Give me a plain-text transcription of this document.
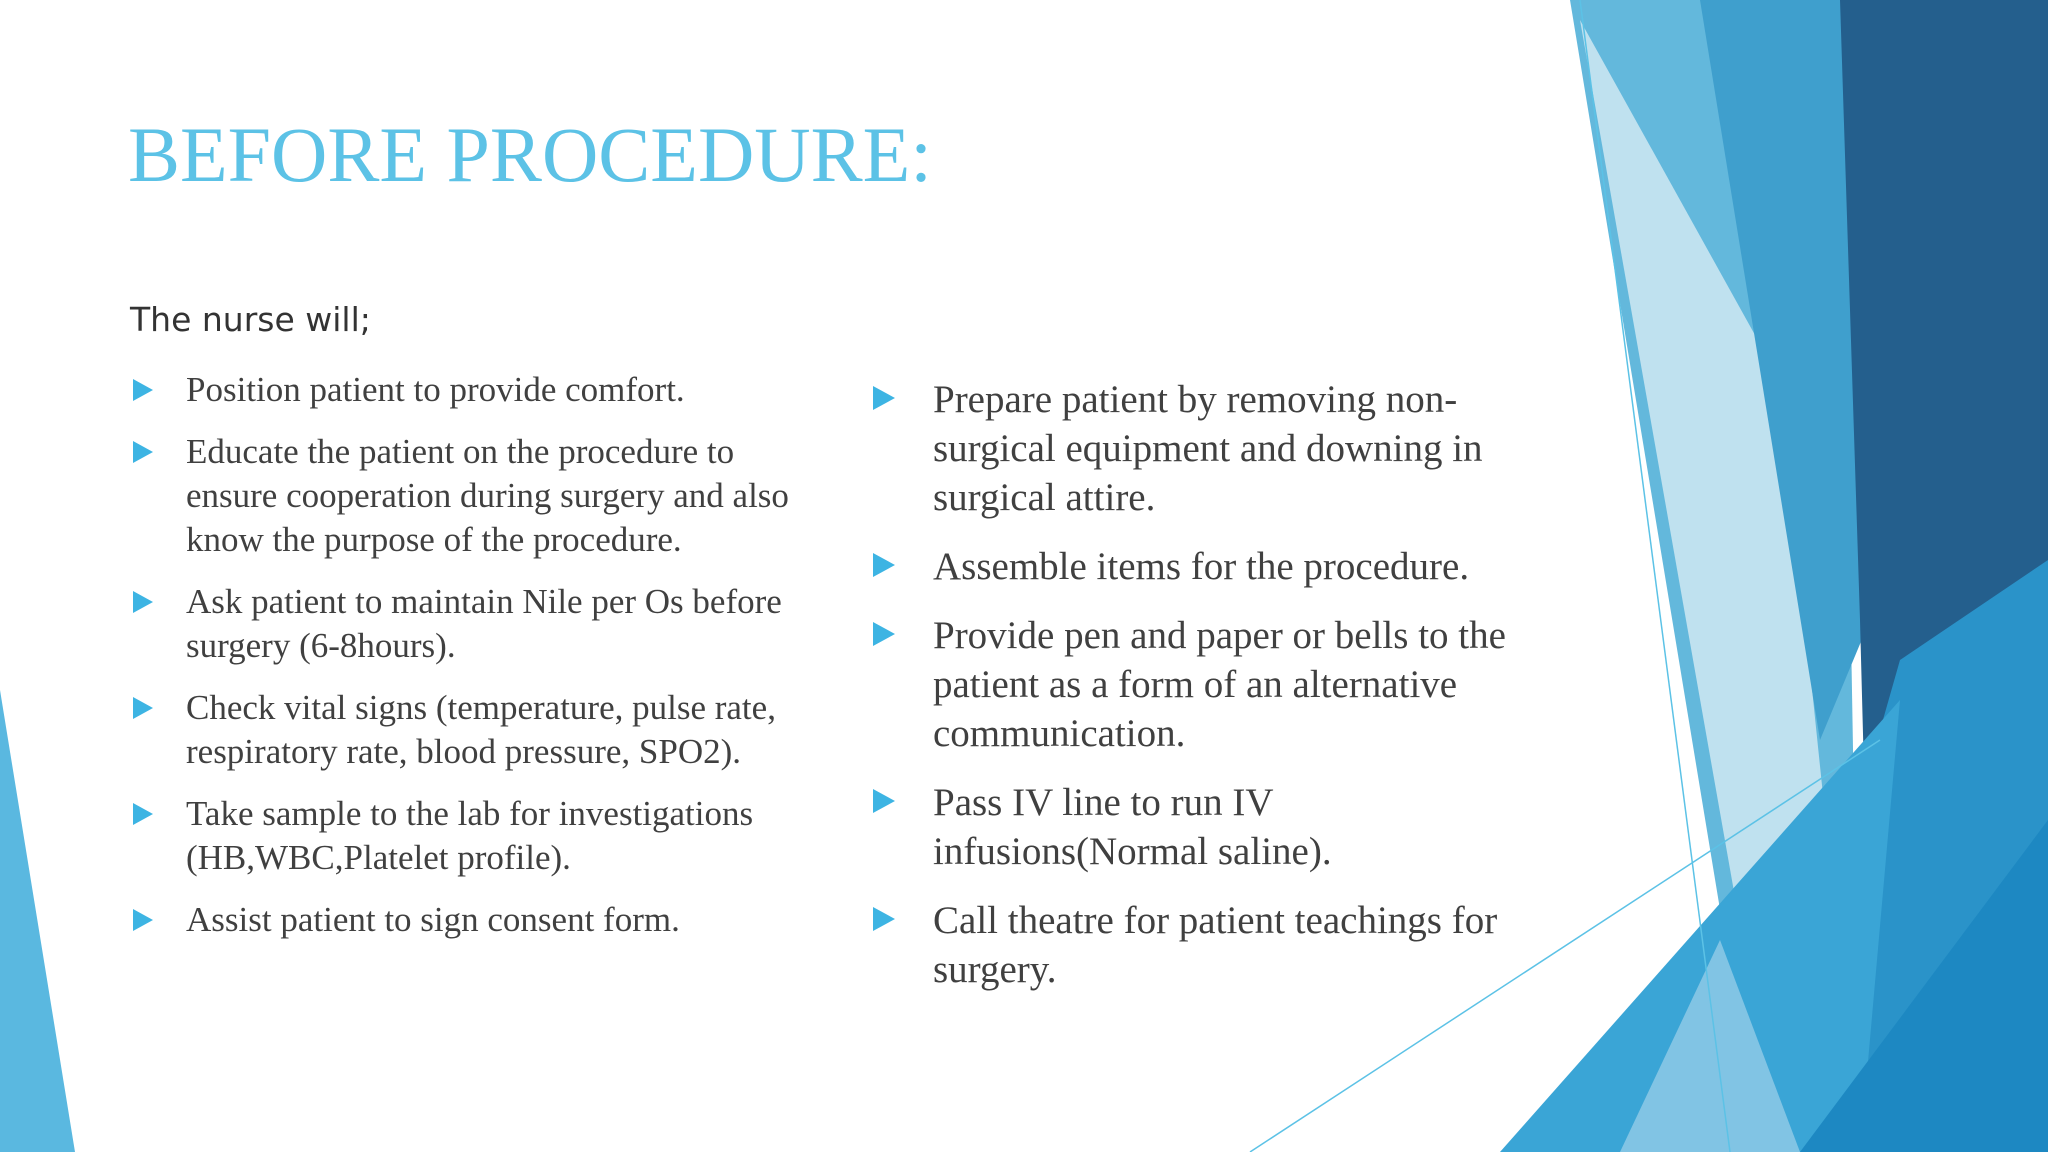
BEFORE PROCEDURE:

The nurse will;

Position patient to provide comfort.
Educate the patient on the procedure to ensure cooperation during surgery and also know the purpose of the procedure.
Ask patient to maintain Nile per Os before surgery (6-8hours).
Check vital signs (temperature, pulse rate, respiratory rate, blood pressure, SPO2).
Take sample to the lab for investigations (HB,WBC,Platelet profile).
Assist patient to sign consent form.
Prepare patient by removing non-surgical equipment and downing in surgical attire.
Assemble items for the procedure.
Provide pen and paper or bells to the patient as a form of an alternative communication.
Pass IV line to run IV infusions(Normal saline).
Call theatre for patient teachings for surgery.
